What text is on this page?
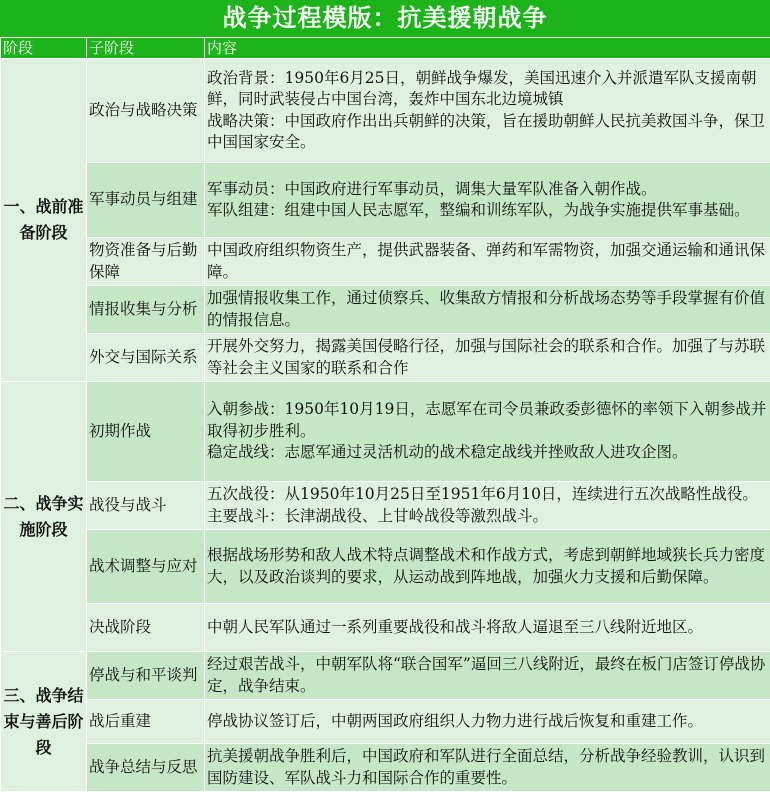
战争过程模版：抗美援朝战争
阶段	子阶段	内容
一、战前准备阶段	政治与战略决策	政治背景：1950年6月25日，朝鲜战争爆发，美国迅速介入并派遣军队支援南朝鲜，同时武装侵占中国台湾，轰炸中国东北边境城镇

战略决策：中国政府作出出兵朝鲜的决策，旨在援助朝鲜人民抗美救国斗争，保卫中国国家安全。

	军事动员与组建	军事动员：中国政府进行军事动员，调集大量军队准备入朝作战。

军队组建：组建中国人民志愿军，整编和训练军队，为战争实施提供军事基础。

	物资准备与后勤保障	中国政府组织物资生产，提供武器装备、弹药和军需物资，加强交通运输和通讯保障。

	情报收集与分析	加强情报收集工作，通过侦察兵、收集敌方情报和分析战场态势等手段掌握有价值的情报信息。

	外交与国际关系	开展外交努力，揭露美国侵略行径，加强与国际社会的联系和合作。加强了与苏联等社会主义国家的联系和合作

二、战争实施阶段	初期作战	入朝参战：1950年10月19日，志愿军在司令员兼政委彭德怀的率领下入朝参战并取得初步胜利。

稳定战线：志愿军通过灵活机动的战术稳定战线并挫败敌人进攻企图。

	战役与战斗	五次战役：从1950年10月25日至1951年6月10日，连续进行五次战略性战役。主要战斗：长津湖战役、上甘岭战役等激烈战斗。

	战术调整与应对	根据战场形势和敌人战术特点调整战术和作战方式，考虑到朝鲜地域狭长兵力密度大，以及政治谈判的要求，从运动战到阵地战，加强火力支援和后勤保障。

	决战阶段	中朝人民军队通过一系列重要战役和战斗将敌人逼退至三八线附近地区。

三、战争结束与善后阶段	停战与和平谈判	经过艰苦战斗，中朝军队将“联合国军”逼回三八线附近，最终在板门店签订停战协定，战争结束。

	战后重建	停战协议签订后，中朝两国政府组织人力物力进行战后恢复和重建工作。

	战争总结与反思	抗美援朝战争胜利后，中国政府和军队进行全面总结，分析战争经验教训，认识到国防建设、军队战斗力和国际合作的重要性。
